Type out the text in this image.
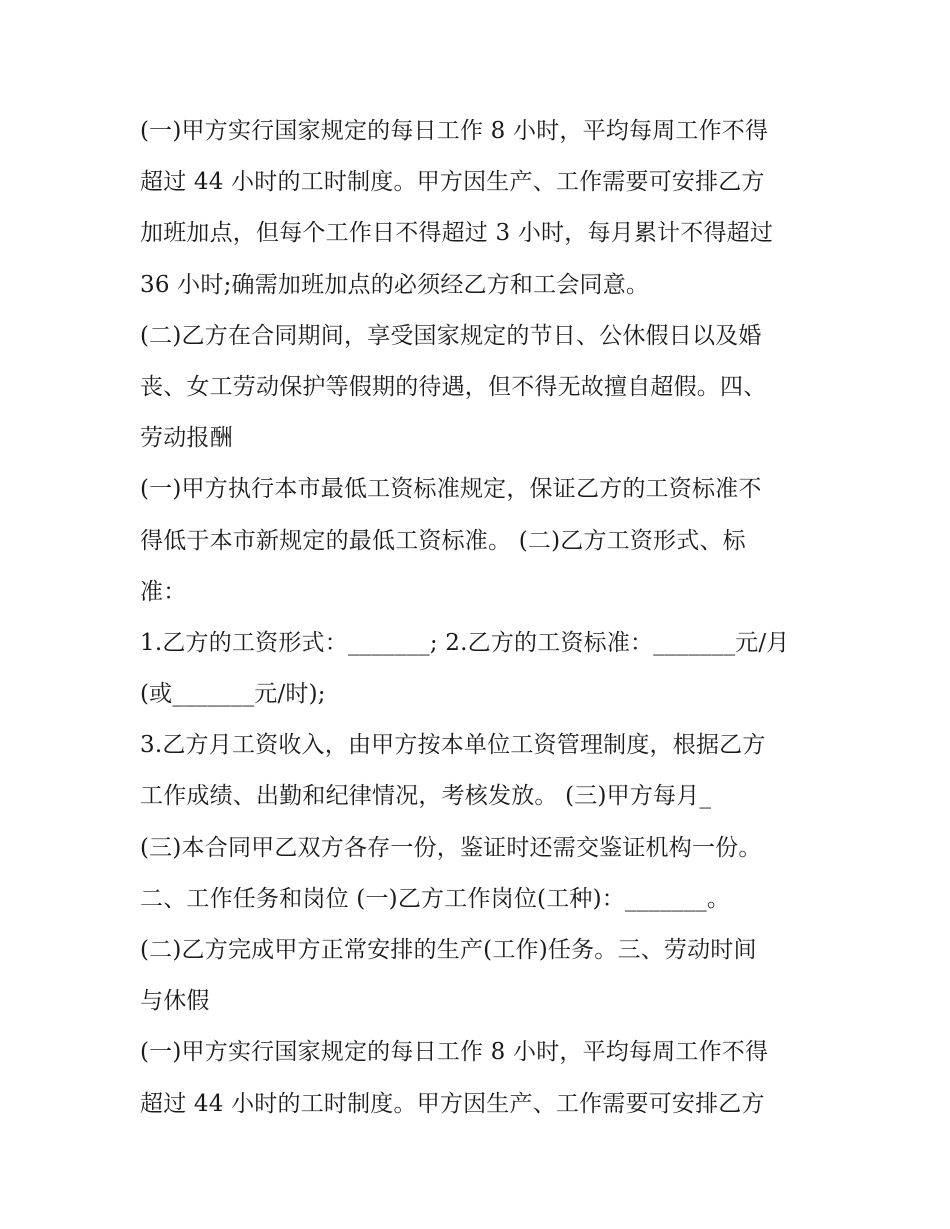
(一)甲方实行国家规定的每日工作 8 小时，平均每周工作不得
超过 44 小时的工时制度。甲方因生产、工作需要可安排乙方
加班加点，但每个工作日不得超过 3 小时，每月累计不得超过
36 小时;确需加班加点的必须经乙方和工会同意。
(二)乙方在合同期间，享受国家规定的节日、公休假日以及婚
丧、女工劳动保护等假期的待遇，但不得无故擅自超假。四、
劳动报酬
(一)甲方执行本市最低工资标准规定，保证乙方的工资标准不
得低于本市新规定的最低工资标准。 (二)乙方工资形式、标
准：
1.乙方的工资形式：_______; 2.乙方的工资标准：_______元/月
(或_______元/时);
3.乙方月工资收入，由甲方按本单位工资管理制度，根据乙方
工作成绩、出勤和纪律情况，考核发放。 (三)甲方每月_
(三)本合同甲乙双方各存一份，鉴证时还需交鉴证机构一份。
二、工作任务和岗位 (一)乙方工作岗位(工种)：_______。
(二)乙方完成甲方正常安排的生产(工作)任务。三、劳动时间
与休假
(一)甲方实行国家规定的每日工作 8 小时，平均每周工作不得
超过 44 小时的工时制度。甲方因生产、工作需要可安排乙方
